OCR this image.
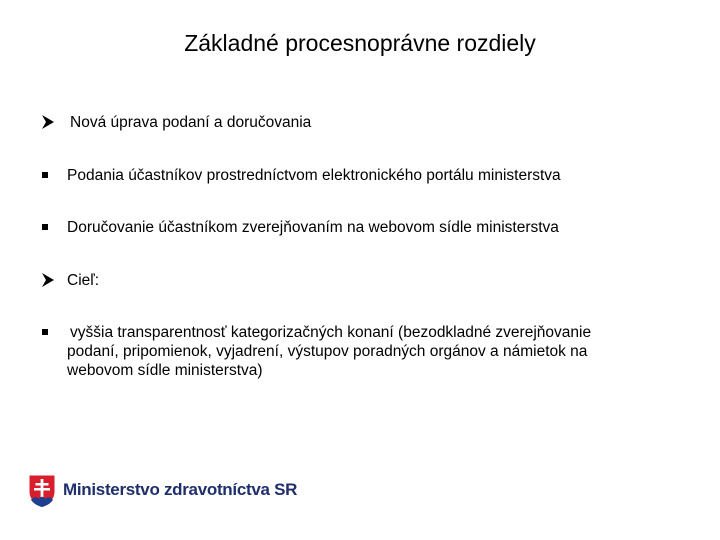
Základné procesnoprávne rozdiely
Nová úprava podaní a doručovania
Podania účastníkov prostredníctvom elektronického portálu ministerstva
Doručovanie účastníkom zverejňovaním na webovom sídle ministerstva
Cieľ:
vyššia transparentnosť kategorizačných konaní (bezodkladné zverejňovanie podaní, pripomienok, vyjadrení, výstupov poradných orgánov a námietok na webovom sídle ministerstva)
Ministerstvo zdravotníctva SR
